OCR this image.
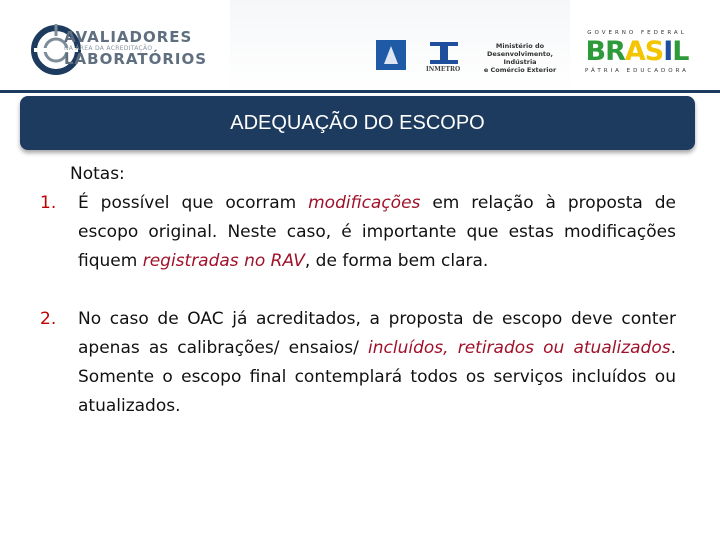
AVALIADORES
NA ÁREA DA ACREDITAÇÃO
LABORATÓRIOS
INMETRO
Ministério do
Desenvolvimento, Indústria
e Comércio Exterior
GOVERNO FEDERAL
BRASIL
PÁTRIA EDUCADORA
ADEQUAÇÃO DO ESCOPO
Notas:
1. É possível que ocorram modificações em relação à proposta de escopo original. Neste caso, é importante que estas modificações fiquem registradas no RAV, de forma bem clara.
2. No caso de OAC já acreditados, a proposta de escopo deve conter apenas as calibrações/ ensaios/ incluídos, retirados ou atualizados. Somente o escopo final contemplará todos os serviços incluídos ou atualizados.
